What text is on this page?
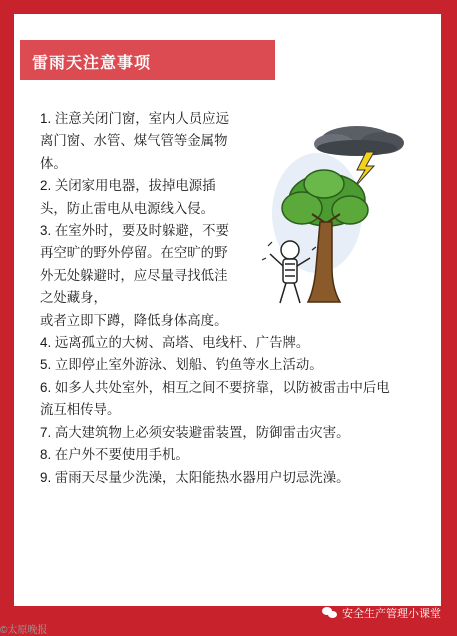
雷雨天注意事项

1. 注意关闭门窗，室内人员应远离门窗、水管、煤气管等金属物体。

2. 关闭家用电器，拔掉电源插头，防止雷电从电源线入侵。

3. 在室外时，要及时躲避，不要再空旷的野外停留。在空旷的野外无处躲避时，应尽量寻找低洼之处藏身，

或者立即下蹲，降低身体高度。

4. 远离孤立的大树、高塔、电线杆、广告牌。

5. 立即停止室外游泳、划船、钓鱼等水上活动。

6. 如多人共处室外，相互之间不要挤靠，以防被雷击中后电

流互相传导。

7. 高大建筑物上必须安装避雷装置，防御雷击灾害。

8. 在户外不要使用手机。

9. 雷雨天尽量少洗澡，太阳能热水器用户切忌洗澡。

©太原晚报
安全生产管理小课堂
